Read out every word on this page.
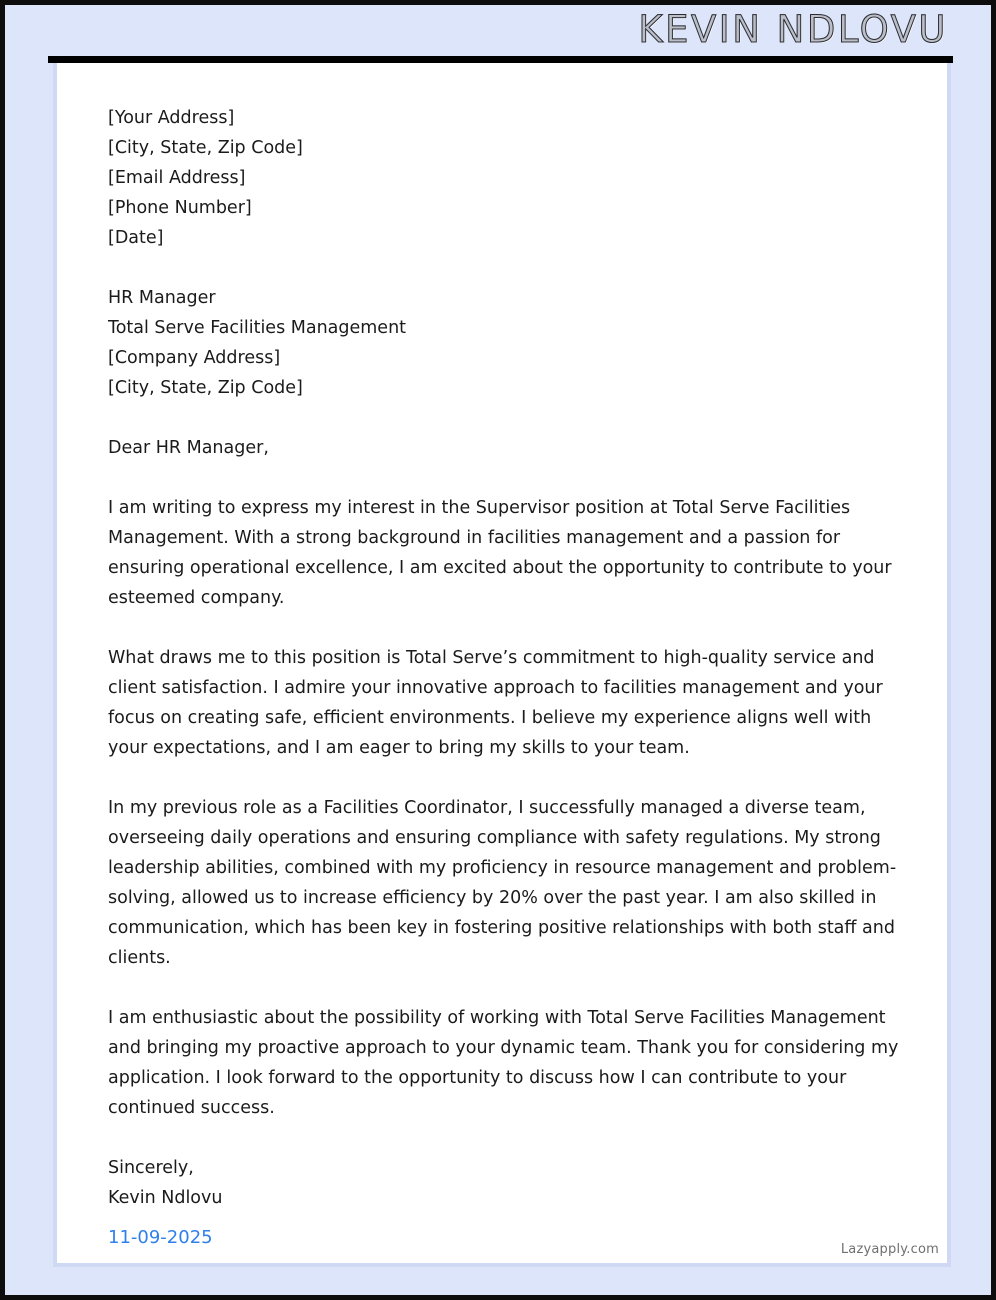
KEVIN NDLOVU
[Your Address]
[City, State, Zip Code]
[Email Address]
[Phone Number]
[Date]
HR Manager
Total Serve Facilities Management
[Company Address]
[City, State, Zip Code]
Dear HR Manager,

I am writing to express my interest in the Supervisor position at Total Serve Facilities Management. With a strong background in facilities management and a passion for ensuring operational excellence, I am excited about the opportunity to contribute to your esteemed company.

What draws me to this position is Total Serve’s commitment to high-quality service and client satisfaction. I admire your innovative approach to facilities management and your focus on creating safe, efficient environments. I believe my experience aligns well with your expectations, and I am eager to bring my skills to your team.

In my previous role as a Facilities Coordinator, I successfully managed a diverse team, overseeing daily operations and ensuring compliance with safety regulations. My strong leadership abilities, combined with my proficiency in resource management and problem-solving, allowed us to increase efficiency by 20% over the past year. I am also skilled in communication, which has been key in fostering positive relationships with both staff and clients.

I am enthusiastic about the possibility of working with Total Serve Facilities Management and bringing my proactive approach to your dynamic team. Thank you for considering my application. I look forward to the opportunity to discuss how I can contribute to your continued success.

Sincerely,
Kevin Ndlovu
11-09-2025
Lazyapply.com
